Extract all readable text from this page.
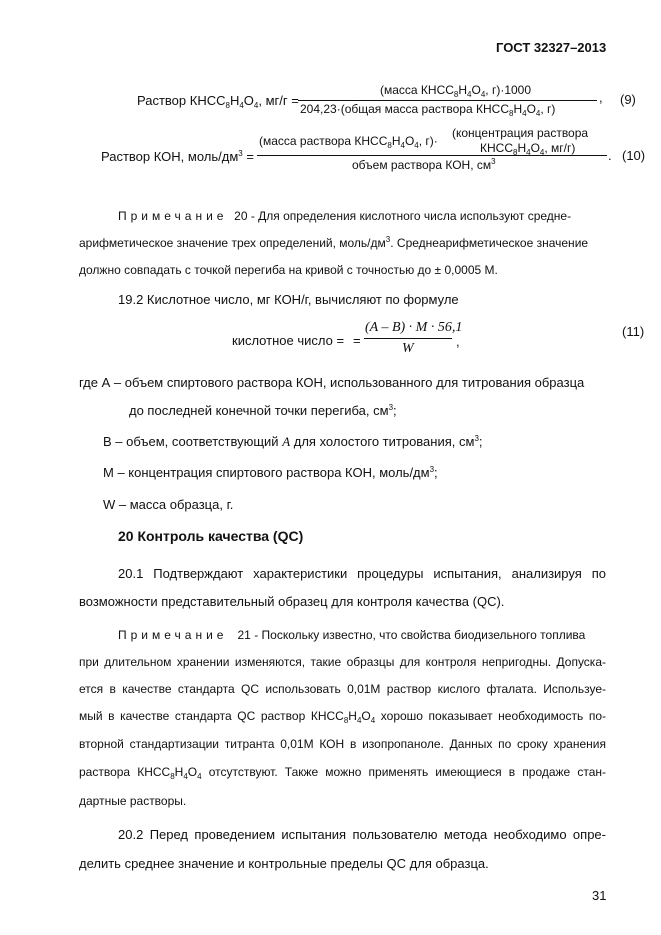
ГОСТ 32327–2013
Раствор $КНСC_8H_4О_4$, мг/г =
(масса $КНСC_8H_4O_4$, г)·1000
204,23·(общая масса раствора $КНСC_8H_4O_4$, г)
, (9)
Раствор КОН, моль/$дм^3$ =
(масса раствора $КНСC_8H_4O_4$, г)·
(концентрация раствора
$КНСC_8H_4O_4$, мг/г)
объем раствора КОН, $см^3$	. (10)
Примечание 20 - Для определения кислотного числа используют средне-
арифметическое значение трех определений, моль/$дм^3$. Среднеарифметическое значение
должно совпадать с точкой перегиба на кривой с точностью до ± 0,0005 М.
19.2 Кислотное число, мг КОН/г, вычисляют по формуле
кислотное число = =
(A – B) · M · 56,1
W	,
(11)
где А – объем спиртового раствора КОН, использованного для титрования образца
до последней конечной точки перегиба, $см^3$;
В – объем, соответствующий А для холостого титрования, $см^3$;
М – концентрация спиртового раствора КОН, моль/$дм^3$;
W – масса образца, г.
20 Контроль качества (QC)
20.1 Подтверждают характеристики процедуры испытания, анализируя по
возможности представительный образец для контроля качества (QC).
Примечание 21 - Поскольку известно, что свойства биодизельного топлива
при длительном хранении изменяются, такие образцы для контроля непригодны. Допуска-
ется в качестве стандарта QC использовать 0,01М раствор кислого фталата. Используе-
мый в качестве стандарта QC раствор $КНСC_8H_4O_4$ хорошо показывает необходимость по-
вторной стандартизации титранта 0,01М КОН в изопропаноле. Данных по сроку хранения
раствора $КНСC_8H_4O_4$ отсутствуют. Также можно применять имеющиеся в продаже стан-
дартные растворы.
20.2 Перед проведением испытания пользователю метода необходимо опре-
делить среднее значение и контрольные пределы QC для образца.
31
